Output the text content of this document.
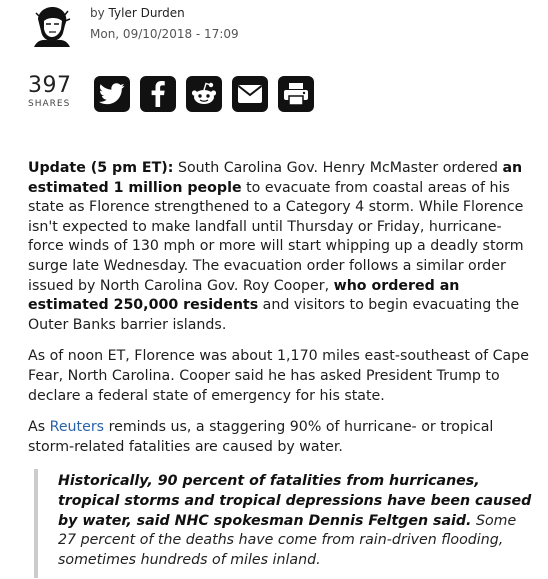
by Tyler Durden
Mon, 09/10/2018 - 17:09
397
SHARES

Update (5 pm ET): South Carolina Gov. Henry McMaster ordered an estimated 1 million people to evacuate from coastal areas of his state as Florence strengthened to a Category 4 storm. While Florence isn't expected to make landfall until Thursday or Friday, hurricane-force winds of 130 mph or more will start whipping up a deadly storm surge late Wednesday. The evacuation order follows a similar order issued by North Carolina Gov. Roy Cooper, who ordered an estimated 250,000 residents and visitors to begin evacuating the Outer Banks barrier islands.

As of noon ET, Florence was about 1,170 miles east-southeast of Cape Fear, North Carolina. Cooper said he has asked President Trump to declare a federal state of emergency for his state.

As Reuters reminds us, a staggering 90% of hurricane- or tropical storm-related fatalities are caused by water.

Historically, 90 percent of fatalities from hurricanes, tropical storms and tropical depressions have been caused by water, said NHC spokesman Dennis Feltgen said. Some 27 percent of the deaths have come from rain-driven flooding, sometimes hundreds of miles inland.
